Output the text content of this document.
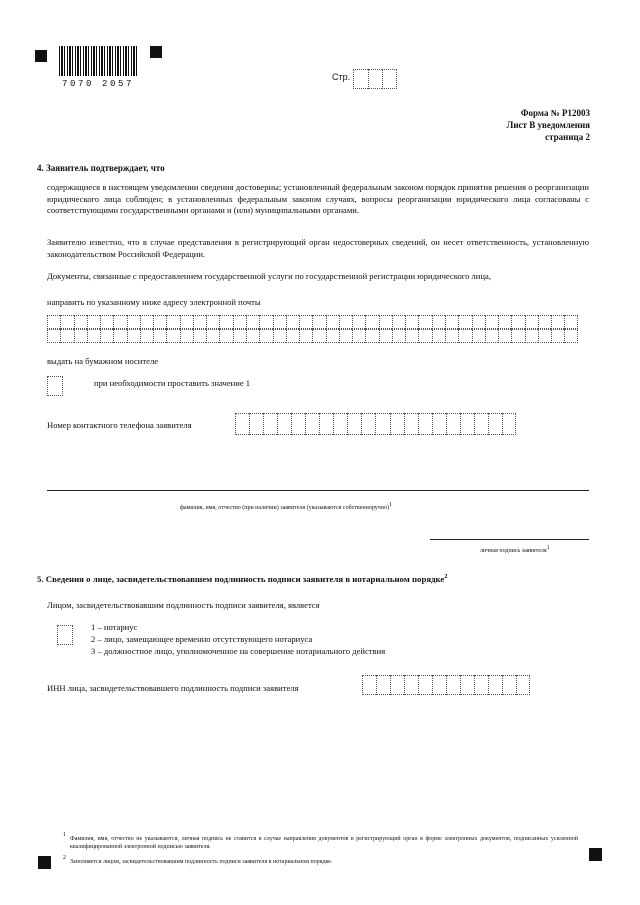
7070 2057
Стр.
Форма № Р12003
Лист В уведомления
страница 2
4. Заявитель подтверждает, что
содержащиеся в настоящем уведомлении сведения достоверны; установленный федеральным законом порядок принятия решения о реорганизации юридического лица соблюден; в установленных федеральным законом случаях, вопросы реорганизации юридического лица согласованы с соответствующими государственными органами и (или) муниципальными органами.
Заявителю известно, что в случае представления в регистрирующий орган недостоверных сведений, он несет ответственность, установленную законодательством Российской Федерации.
Документы, связанные с предоставлением государственной услуги по государственной регистрации юридического лица,
направить по указанному ниже адресу электронной почты
выдать на бумажном носителе
при необходимости проставить значение 1
Номер контактного телефона заявителя
фамилия, имя, отчество (при наличии) заявителя (указываются собственноручно)$^1$
личная подпись заявителя$^1$
5. Сведения о лице, засвидетельствовавшем подлинность подписи заявителя в нотариальном порядке$^2$
Лицом, засвидетельствовавшим подлинность подписи заявителя, является
1 – нотариус
2 – лицо, замещающее временно отсутствующего нотариуса
3 – должностное лицо, уполномоченное на совершение нотариального действия
ИНН лица, засвидетельствовавшего подлинность подписи заявителя
1
Фамилия, имя, отчество не указываются, личная подпись не ставится в случае направления документов в регистрирующий орган в форме электронных документов, подписанных усиленной квалифицированной электронной подписью заявителя.
2
Заполняется лицом, засвидетельствовавшим подлинность подписи заявителя в нотариальном порядке.
